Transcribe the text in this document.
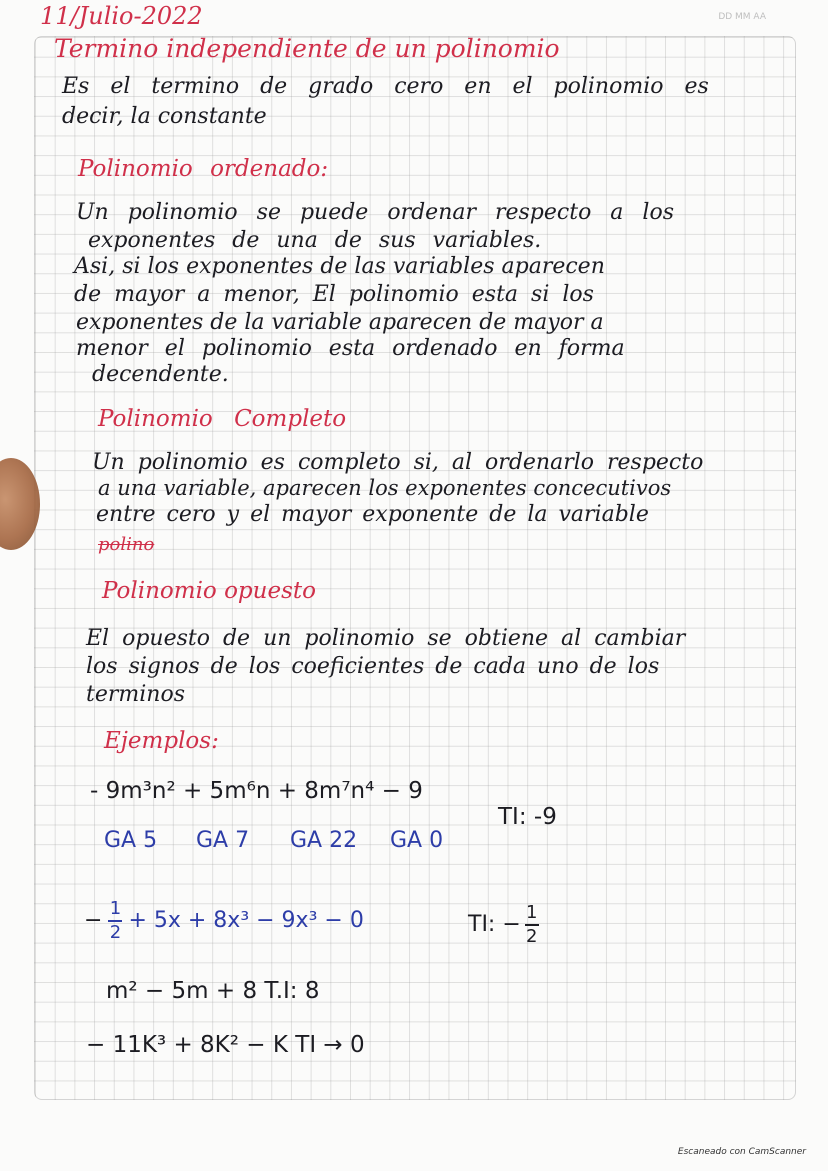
DD MM AA
11/Julio-2022
Termino independiente de un polinomio
Es el termino de grado cero en el polinomio es
decir, la constante
Polinomio ordenado:
Un polinomio se puede ordenar respecto a los
exponentes de una de sus variables.
Asi, si los exponentes de las variables aparecen
de mayor a menor, El polinomio esta si los
exponentes de la variable aparecen de mayor a
menor el polinomio esta ordenado en forma
decendente.
Polinomio Completo
Un polinomio es completo si, al ordenarlo respecto
a una variable, aparecen los exponentes concecutivos
entre cero y el mayor exponente de la variable
polino
Polinomio opuesto
El opuesto de un polinomio se obtiene al cambiar
los signos de los coeficientes de cada uno de los
terminos
Ejemplos:
- 9m³n² + 5m⁶n + 8m⁷n⁴ − 9
TI: -9
GA 5 GA 7 GA 22 GA 0
− $\frac{1}{2} + 5x + 8x^3 - 9x^3 - 0$	TI: − $\frac{1}{2}$
m² − 5m + 8 T.I: 8
− 11K³ + 8K² − K TI → 0
Escaneado con CamScanner
